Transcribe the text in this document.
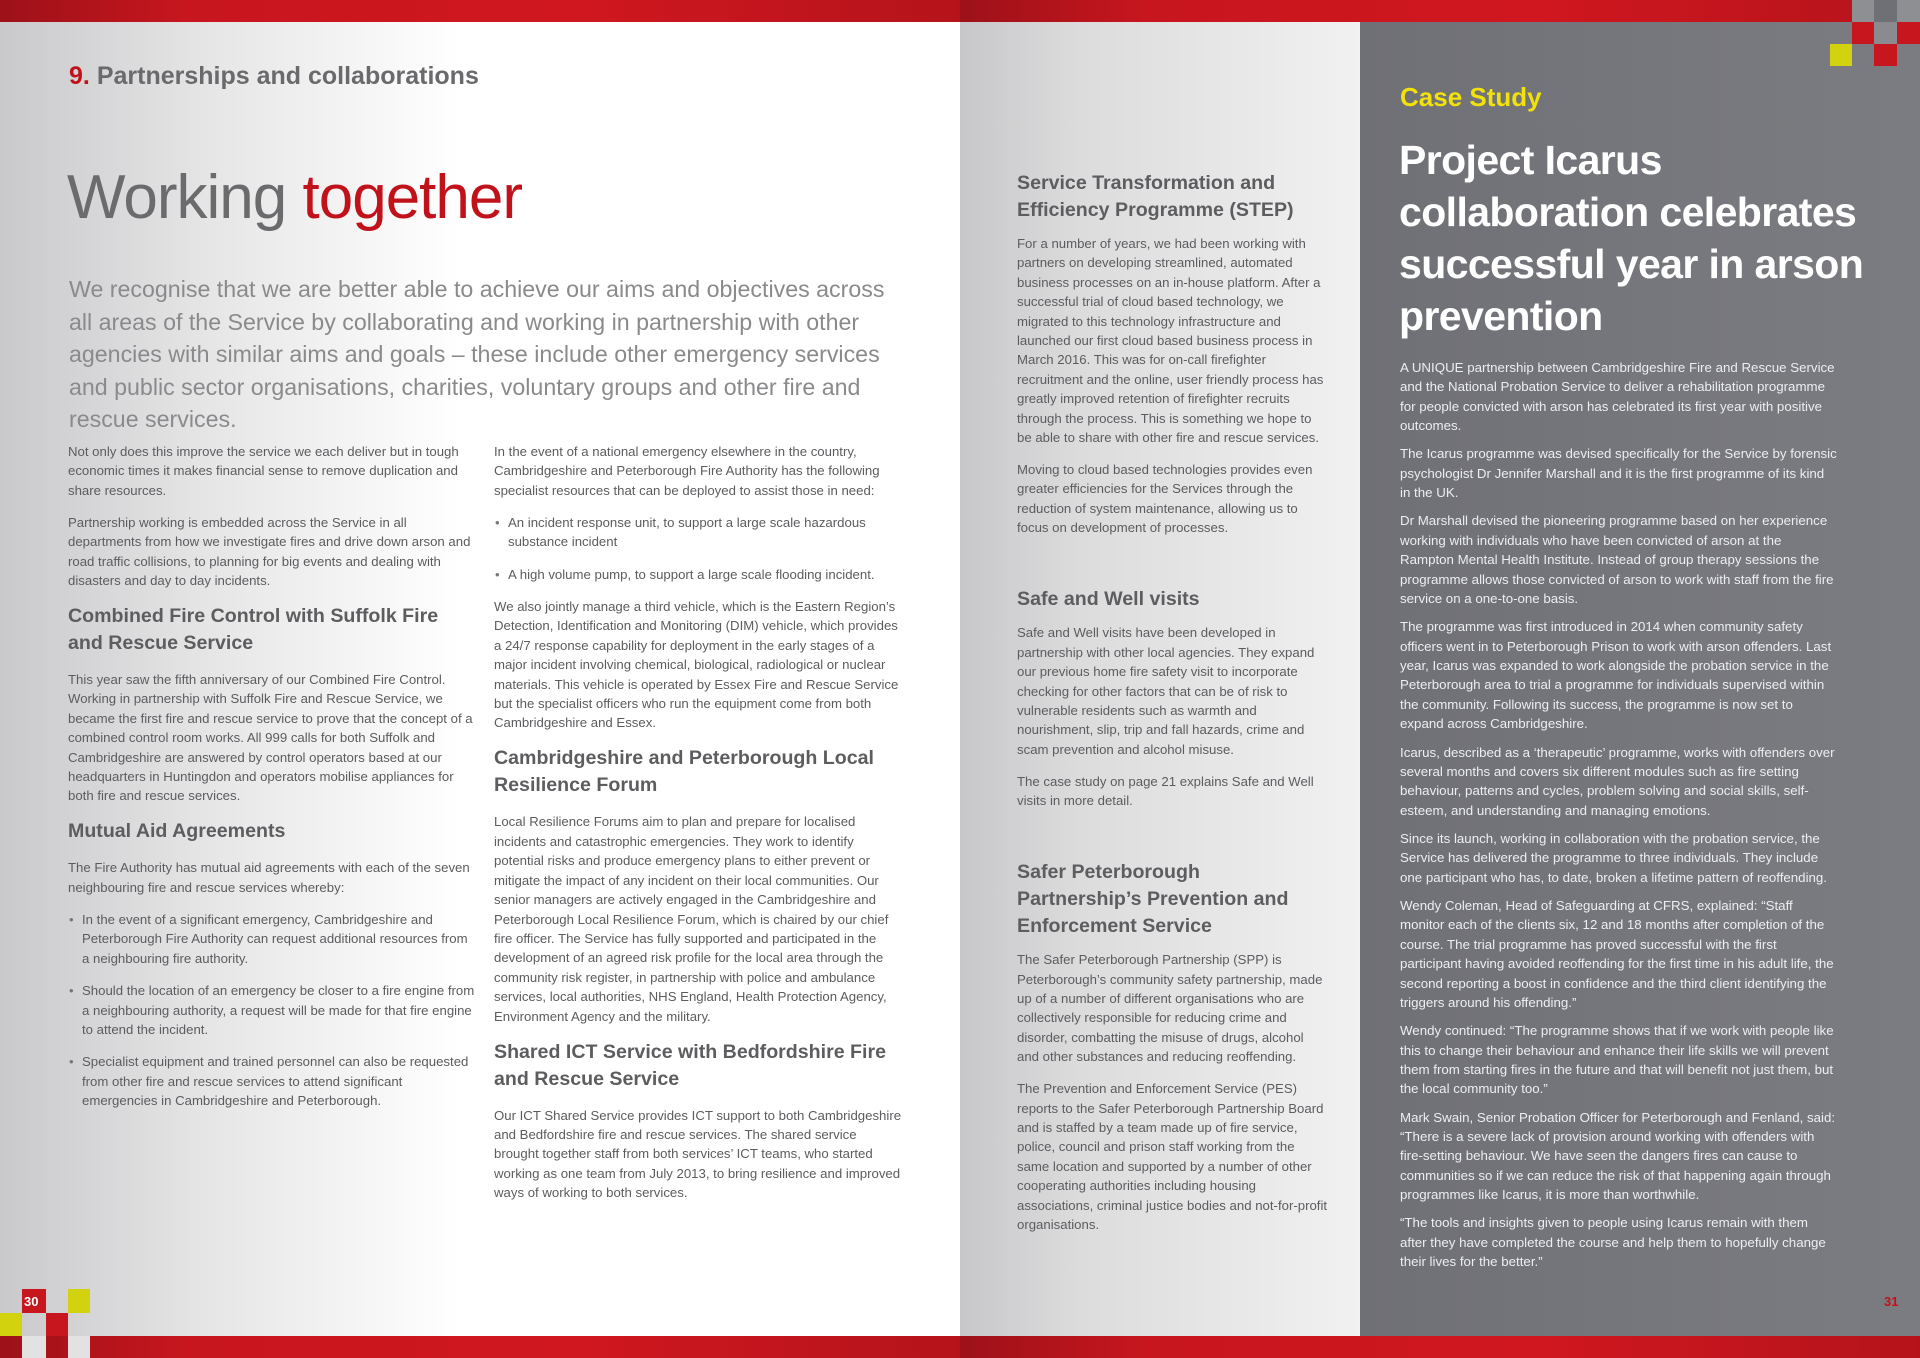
9. Partnerships and collaborations
Working together
We recognise that we are better able to achieve our aims and objectives across all areas of the Service by collaborating and working in partnership with other agencies with similar aims and goals – these include other emergency services and public sector organisations, charities, voluntary groups and other fire and rescue services.

Not only does this improve the service we each deliver but in tough economic times it makes financial sense to remove duplication and share resources.

Partnership working is embedded across the Service in all departments from how we investigate fires and drive down arson and road traffic collisions, to planning for big events and dealing with disasters and day to day incidents.

Combined Fire Control with Suffolk Fire and Rescue Service

This year saw the fifth anniversary of our Combined Fire Control. Working in partnership with Suffolk Fire and Rescue Service, we became the first fire and rescue service to prove that the concept of a combined control room works. All 999 calls for both Suffolk and Cambridgeshire are answered by control operators based at our headquarters in Huntingdon and operators mobilise appliances for both fire and rescue services.

Mutual Aid Agreements

The Fire Authority has mutual aid agreements with each of the seven neighbouring fire and rescue services whereby:

• In the event of a significant emergency, Cambridgeshire and Peterborough Fire Authority can request additional resources from a neighbouring fire authority.
• Should the location of an emergency be closer to a fire engine from a neighbouring authority, a request will be made for that fire engine to attend the incident.
• Specialist equipment and trained personnel can also be requested from other fire and rescue services to attend significant emergencies in Cambridgeshire and Peterborough.

In the event of a national emergency elsewhere in the country, Cambridgeshire and Peterborough Fire Authority has the following specialist resources that can be deployed to assist those in need:

• An incident response unit, to support a large scale hazardous substance incident
• A high volume pump, to support a large scale flooding incident.

We also jointly manage a third vehicle, which is the Eastern Region’s Detection, Identification and Monitoring (DIM) vehicle, which provides a 24/7 response capability for deployment in the early stages of a major incident involving chemical, biological, radiological or nuclear materials. This vehicle is operated by Essex Fire and Rescue Service but the specialist officers who run the equipment come from both Cambridgeshire and Essex.

Cambridgeshire and Peterborough Local Resilience Forum

Local Resilience Forums aim to plan and prepare for localised incidents and catastrophic emergencies. They work to identify potential risks and produce emergency plans to either prevent or mitigate the impact of any incident on their local communities. Our senior managers are actively engaged in the Cambridgeshire and Peterborough Local Resilience Forum, which is chaired by our chief fire officer. The Service has fully supported and participated in the development of an agreed risk profile for the local area through the community risk register, in partnership with police and ambulance services, local authorities, NHS England, Health Protection Agency, Environment Agency and the military.

Shared ICT Service with Bedfordshire Fire and Rescue Service

Our ICT Shared Service provides ICT support to both Cambridgeshire and Bedfordshire fire and rescue services. The shared service brought together staff from both services’ ICT teams, who started working as one team from July 2013, to bring resilience and improved ways of working to both services.

30
Service Transformation and Efficiency Programme (STEP)

For a number of years, we had been working with partners on developing streamlined, automated business processes on an in-house platform. After a successful trial of cloud based technology, we migrated to this technology infrastructure and launched our first cloud based business process in March 2016. This was for on-call firefighter recruitment and the online, user friendly process has greatly improved retention of firefighter recruits through the process. This is something we hope to be able to share with other fire and rescue services.

Moving to cloud based technologies provides even greater efficiencies for the Services through the reduction of system maintenance, allowing us to focus on development of processes.

Safe and Well visits

Safe and Well visits have been developed in partnership with other local agencies. They expand our previous home fire safety visit to incorporate checking for other factors that can be of risk to vulnerable residents such as warmth and nourishment, slip, trip and fall hazards, crime and scam prevention and alcohol misuse.

The case study on page 21 explains Safe and Well visits in more detail.

Safer Peterborough Partnership’s Prevention and Enforcement Service

The Safer Peterborough Partnership (SPP) is Peterborough’s community safety partnership, made up of a number of different organisations who are collectively responsible for reducing crime and disorder, combatting the misuse of drugs, alcohol and other substances and reducing reoffending.

The Prevention and Enforcement Service (PES) reports to the Safer Peterborough Partnership Board and is staffed by a team made up of fire service, police, council and prison staff working from the same location and supported by a number of other cooperating authorities including housing associations, criminal justice bodies and not-for-profit organisations.

Case Study
Project Icarus collaboration celebrates successful year in arson prevention

A UNIQUE partnership between Cambridgeshire Fire and Rescue Service and the National Probation Service to deliver a rehabilitation programme for people convicted with arson has celebrated its first year with positive outcomes.

The Icarus programme was devised specifically for the Service by forensic psychologist Dr Jennifer Marshall and it is the first programme of its kind in the UK.

Dr Marshall devised the pioneering programme based on her experience working with individuals who have been convicted of arson at the Rampton Mental Health Institute. Instead of group therapy sessions the programme allows those convicted of arson to work with staff from the fire service on a one-to-one basis.

The programme was first introduced in 2014 when community safety officers went in to Peterborough Prison to work with arson offenders. Last year, Icarus was expanded to work alongside the probation service in the Peterborough area to trial a programme for individuals supervised within the community. Following its success, the programme is now set to expand across Cambridgeshire.

Icarus, described as a ‘therapeutic’ programme, works with offenders over several months and covers six different modules such as fire setting behaviour, patterns and cycles, problem solving and social skills, self-esteem, and understanding and managing emotions.

Since its launch, working in collaboration with the probation service, the Service has delivered the programme to three individuals. They include one participant who has, to date, broken a lifetime pattern of reoffending.

Wendy Coleman, Head of Safeguarding at CFRS, explained: “Staff monitor each of the clients six, 12 and 18 months after completion of the course. The trial programme has proved successful with the first participant having avoided reoffending for the first time in his adult life, the second reporting a boost in confidence and the third client identifying the triggers around his offending.”

Wendy continued: “The programme shows that if we work with people like this to change their behaviour and enhance their life skills we will prevent them from starting fires in the future and that will benefit not just them, but the local community too.”

Mark Swain, Senior Probation Officer for Peterborough and Fenland, said: “There is a severe lack of provision around working with offenders with fire-setting behaviour. We have seen the dangers fires can cause to communities so if we can reduce the risk of that happening again through programmes like Icarus, it is more than worthwhile.

“The tools and insights given to people using Icarus remain with them after they have completed the course and help them to hopefully change their lives for the better.”

31
